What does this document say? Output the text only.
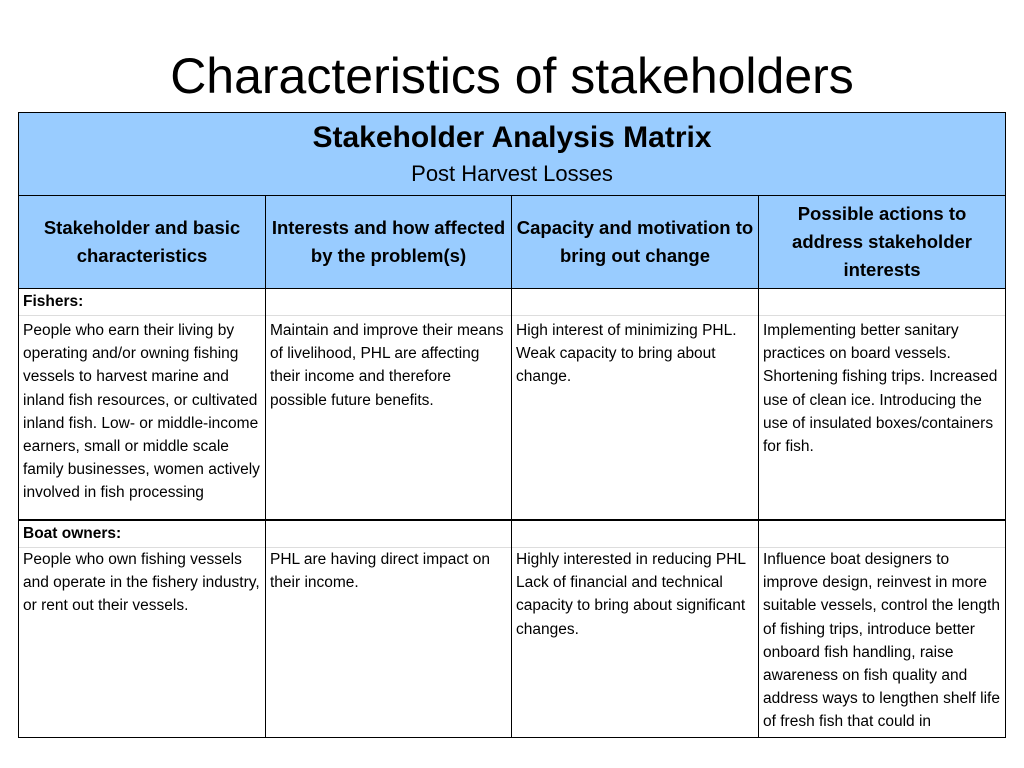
Characteristics of stakeholders
Stakeholder Analysis Matrix
Post Harvest Losses			

Stakeholder and basic characteristics	Interests and how affected by the problem(s)	Capacity and motivation to bring out change	Possible actions to address stakeholder interests

Fishers:
People who earn their living by operating and/or owning fishing vessels to harvest marine and inland fish resources, or cultivated inland fish. Low- or middle-income earners, small or middle scale family businesses, women actively involved in fish processing	Maintain and improve their means of livelihood, PHL are affecting their income and therefore possible future benefits.	High interest of minimizing PHL. Weak capacity to bring about change.	Implementing better sanitary practices on board vessels. Shortening fishing trips. Increased use of clean ice. Introducing the use of insulated boxes/containers for fish.

Boat owners:
People who own fishing vessels and operate in the fishery industry, or rent out their vessels.	PHL are having direct impact on their income.	Highly interested in reducing PHL Lack of financial and technical capacity to bring about significant changes.	Influence boat designers to improve design, reinvest in more suitable vessels, control the length of fishing trips, introduce better onboard fish handling, raise awareness on fish quality and address ways to lengthen shelf life of fresh fish that could in
